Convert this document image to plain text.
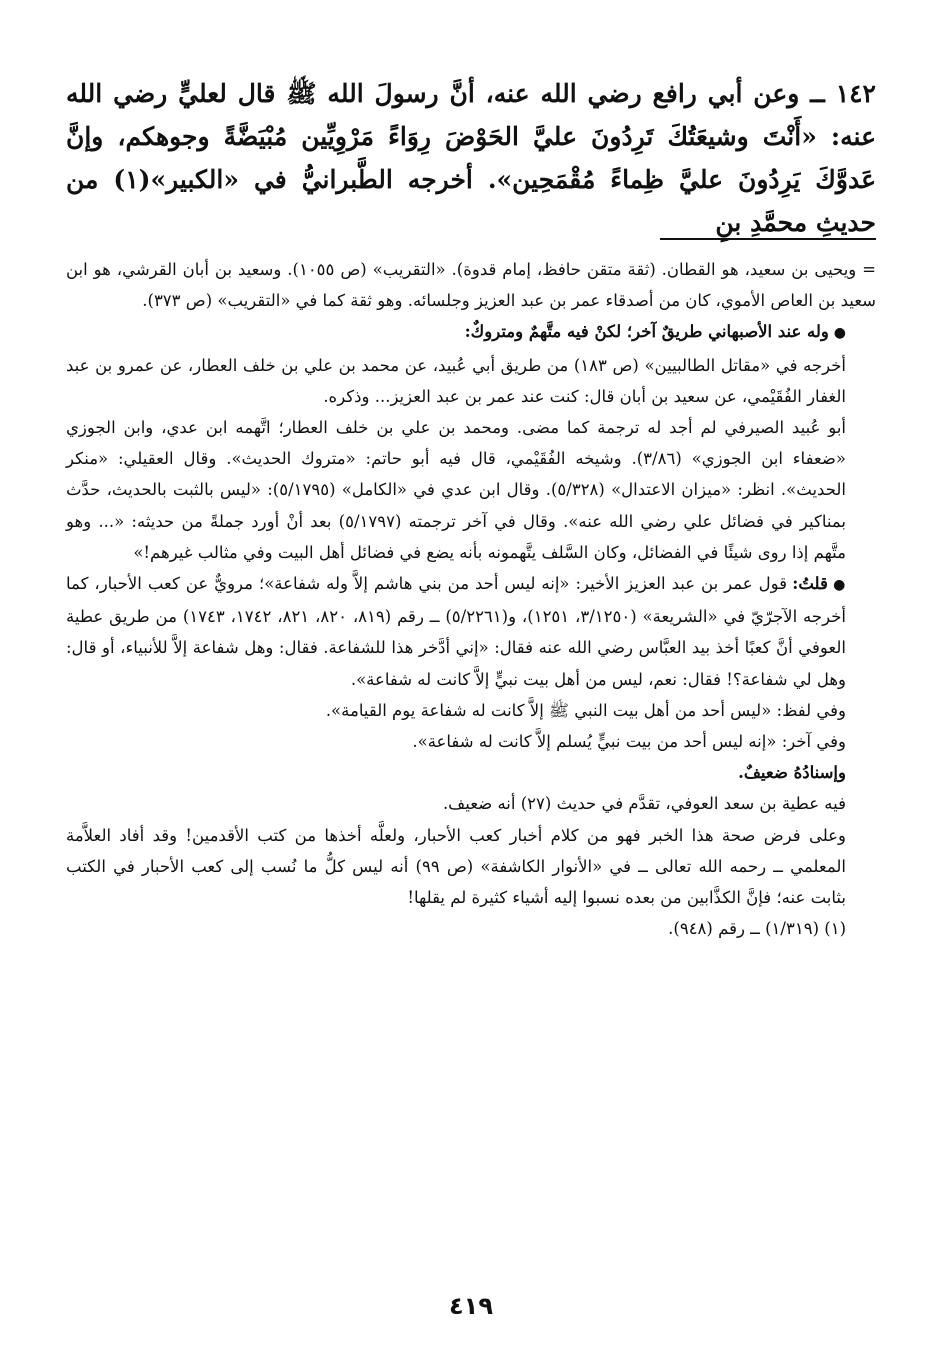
١٤٢ ــ وعن أبي رافع رضي الله عنه، أنَّ رسولَ الله ﷺ قال لعليٍّ رضي الله عنه: «أَنْتَ وشيعَتُكَ تَرِدُونَ عليَّ الحَوْضَ رِوَاءً مَرْوِيِّين مُبْيَضَّةً وجوهكم، وإنَّ عَدوَّكَ يَرِدُونَ عليَّ ظِماءً مُقْمَحِين». أخرجه الطَّبرانيُّ في «الكبير»(١) من حديثِ محمَّدِ بنِ

= ويحيى بن سعيد، هو القطان. (ثقة متقن حافظ، إمام قدوة). «التقريب» (ص ١٠٥٥). وسعيد بن أبان القرشي، هو ابن سعيد بن العاص الأموي، كان من أصدقاء عمر بن عبد العزيز وجلسائه. وهو ثقة كما في «التقريب» (ص ٣٧٣).

● وله عند الأصبهاني طريقٌ آخر؛ لكنْ فيه متَّهمٌ ومتروكٌ:

أخرجه في «مقاتل الطالبيين» (ص ١٨٣) من طريق أبي عُبيد، عن محمد بن علي بن خلف العطار، عن عمرو بن عبد الغفار الفُقَيْمي، عن سعيد بن أبان قال: كنت عند عمر بن عبد العزيز... وذكره.

أبو عُبيد الصيرفي لم أجد له ترجمة كما مضى. ومحمد بن علي بن خلف العطار؛ اتَّهمه ابن عدي، وابن الجوزي «ضعفاء ابن الجوزي» (٣/٨٦). وشيخه الفُقَيْمي، قال فيه أبو حاتم: «متروك الحديث». وقال العقيلي: «منكر الحديث». انظر: «ميزان الاعتدال» (٥/٣٢٨). وقال ابن عدي في «الكامل» (٥/١٧٩٥): «ليس بالثبت بالحديث، حدَّث بمناكير في فضائل علي رضي الله عنه». وقال في آخر ترجمته (٥/١٧٩٧) بعد أنْ أورد جملةً من حديثه: «... وهو متَّهم إذا روى شيئًا في الفضائل، وكان السَّلف يتَّهمونه بأنه يضع في فضائل أهل البيت وفي مثالب غيرهم!»

● قلتُ: قول عمر بن عبد العزيز الأخير: «إنه ليس أحد من بني هاشم إلاَّ وله شفاعة»؛ مرويٌّ عن كعب الأحبار، كما أخرجه الآجرّيّ في «الشريعة» (٣/١٢٥٠، ١٢٥١)، و(٥/٢٢٦١) ــ رقم (٨١٩، ٨٢٠، ٨٢١، ١٧٤٢، ١٧٤٣) من طريق عطية العوفي أنَّ كعبًا أخذ بيد العبَّاس رضي الله عنه فقال: «إني أدَّخر هذا للشفاعة. فقال: وهل شفاعة إلاَّ للأنبياء، أو قال: وهل لي شفاعة؟! فقال: نعم، ليس من أهل بيت نبيٍّ إلاَّ كانت له شفاعة».

وفي لفظ: «ليس أحد من أهل بيت النبي ﷺ إلاَّ كانت له شفاعة يوم القيامة».

وفي آخر: «إنه ليس أحد من بيت نبيٍّ يُسلم إلاَّ كانت له شفاعة».

وإسنادُهُ ضعيفٌ.

فيه عطية بن سعد العوفي، تقدَّم في حديث (٢٧) أنه ضعيف.

وعلى فرض صحة هذا الخبر فهو من كلام أخبار كعب الأحبار، ولعلَّه أخذها من كتب الأقدمين! وقد أفاد العلاَّمة المعلمي ــ رحمه الله تعالى ــ في «الأنوار الكاشفة» (ص ٩٩) أنه ليس كلُّ ما نُسب إلى كعب الأحبار في الكتب بثابت عنه؛ فإنَّ الكذَّابين من بعده نسبوا إليه أشياء كثيرة لم يقلها!

(١) (١/٣١٩) ــ رقم (٩٤٨).

٤١٩
